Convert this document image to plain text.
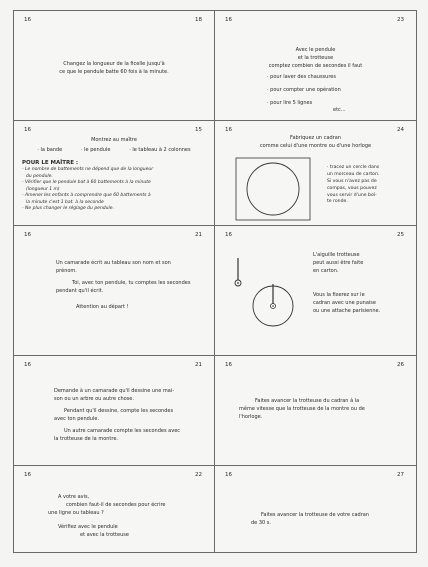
16	18
Changez la longueur de la ficelle jusqu'à
ce que le pendule batte 60 fois à la minute.
16	23
Avec le pendule
et la trotteuse
comptez combien de secondes il faut
· pour laver des chaussures
· pour compter une opération
· pour lire 5 lignes
etc...
16	15
Montrez au maître
· la bande	· le pendule	· le tableau à 2 colonnes
POUR LE MAÎTRE :
- Le nombre de battements ne dépend que de la longueur
du pendule.
- Vérifier que le pendule bat à 60 battements à la minute
(longueur 1 m)
- Amener les enfants à comprendre que 60 battements à
la minute c'est 1 bat. à la seconde
- Ne plus changer le réglage du pendule.
16	24
Fabriquez un cadran
comme celui d'une montre ou d'une horloge
· tracez un cercle dans
un morceau de carton.
Si vous n'avez pas de
compas, vous pouvez
vous servir d'une boî-
te ronde.
16	21
Un camarade écrit au tableau son nom et son
prénom.
Toi, avec ton pendule, tu comptes les secondes
pendant qu'il écrit.
Attention au départ !
16	25
L'aiguille trotteuse
peut aussi être faite
en carton.
Vous la fixerez sur le
cadran avec une punaise
ou une attache parisienne.
16	21
Demande à un camarade qu'il dessine une mai-
son ou un arbre ou autre chose.
Pendant qu'il dessine, compte les secondes
avec ton pendule.
Un autre camarade compte les secondes avec
la trotteuse de la montre.
16	26
Faites avancer la trotteuse du cadran à la
même vitesse que la trotteuse de la montre ou de
l'horloge.
16	22
A votre avis,
combien faut-il de secondes pour écrire
une ligne ou tableau ?
Vérifiez avec le pendule
et avec la trotteuse
16	27
Faites avancer la trotteuse de votre cadran
de 30 s.
